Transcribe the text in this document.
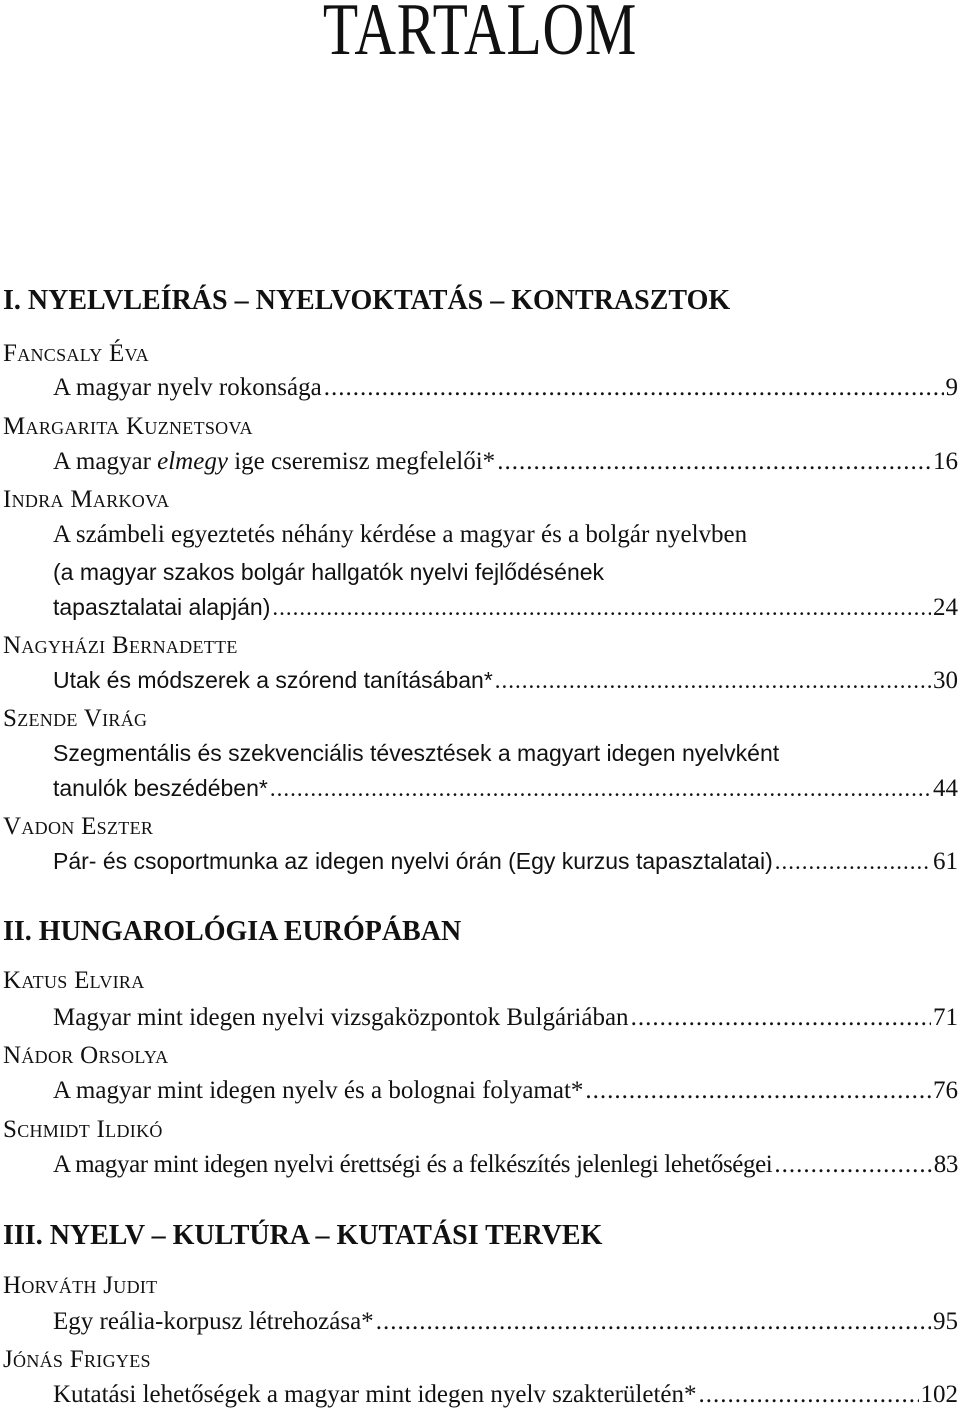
TARTALOM
I. NYELVLEÍRÁS – NYELVOKTATÁS – KONTRASZTOK
Fancsaly Éva
A magyar nyelv rokonsága .....	9
Margarita Kuznetsova
A magyar elmegy ige cseremisz megfelelői* .....	16
Indra Markova
A számbeli egyeztetés néhány kérdése a magyar és a bolgár nyelvben
(a magyar szakos bolgár hallgatók nyelvi fejlődésének
tapasztalatai alapján) .....	24
Nagyházi Bernadette
Utak és módszerek a szórend tanításában* .....	30
Szende Virág
Szegmentális és szekvenciális tévesztések a magyart idegen nyelvként
tanulók beszédében* .....	44
Vadon Eszter
Pár- és csoportmunka az idegen nyelvi órán (Egy kurzus tapasztalatai) .....	61
II. HUNGAROLÓGIA EURÓPÁBAN
Katus Elvira
Magyar mint idegen nyelvi vizsgaközpontok Bulgáriában .....	71
Nádor Orsolya
A magyar mint idegen nyelv és a bolognai folyamat* .....	76
Schmidt Ildikó
A magyar mint idegen nyelvi érettségi és a felkészítés jelenlegi lehetőségei .....	83
III. NYELV – KULTÚRA – KUTATÁSI TERVEK
Horváth Judit
Egy reália-korpusz létrehozása* .....	95
Jónás Frigyes
Kutatási lehetőségek a magyar mint idegen nyelv szakterületén* .....	102
